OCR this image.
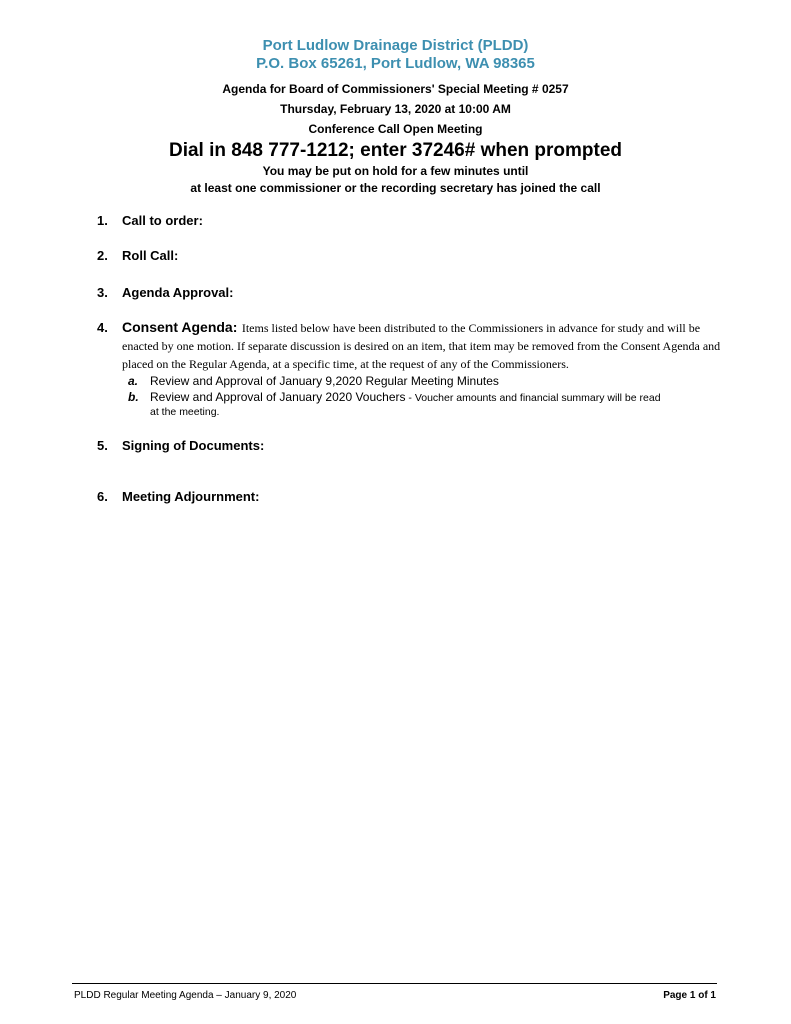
Port Ludlow Drainage District (PLDD)
P.O. Box 65261, Port Ludlow, WA 98365
Agenda for Board of Commissioners' Special Meeting # 0257
Thursday, February 13, 2020 at 10:00 AM
Conference Call Open Meeting
Dial in 848 777-1212; enter 37246# when prompted
You may be put on hold for a few minutes until
at least one commissioner or the recording secretary has joined the call
1. Call to order:
2. Roll Call:
3. Agenda Approval:
4. Consent Agenda: Items listed below have been distributed to the Commissioners in advance for study and will be enacted by one motion. If separate discussion is desired on an item, that item may be removed from the Consent Agenda and placed on the Regular Agenda, at a specific time, at the request of any of the Commissioners.
a. Review and Approval of January 9,2020 Regular Meeting Minutes
b. Review and Approval of January 2020 Vouchers - Voucher amounts and financial summary will be read
at the meeting.
5. Signing of Documents:
6. Meeting Adjournment:
PLDD Regular Meeting Agenda – January 9, 2020	Page 1 of 1
